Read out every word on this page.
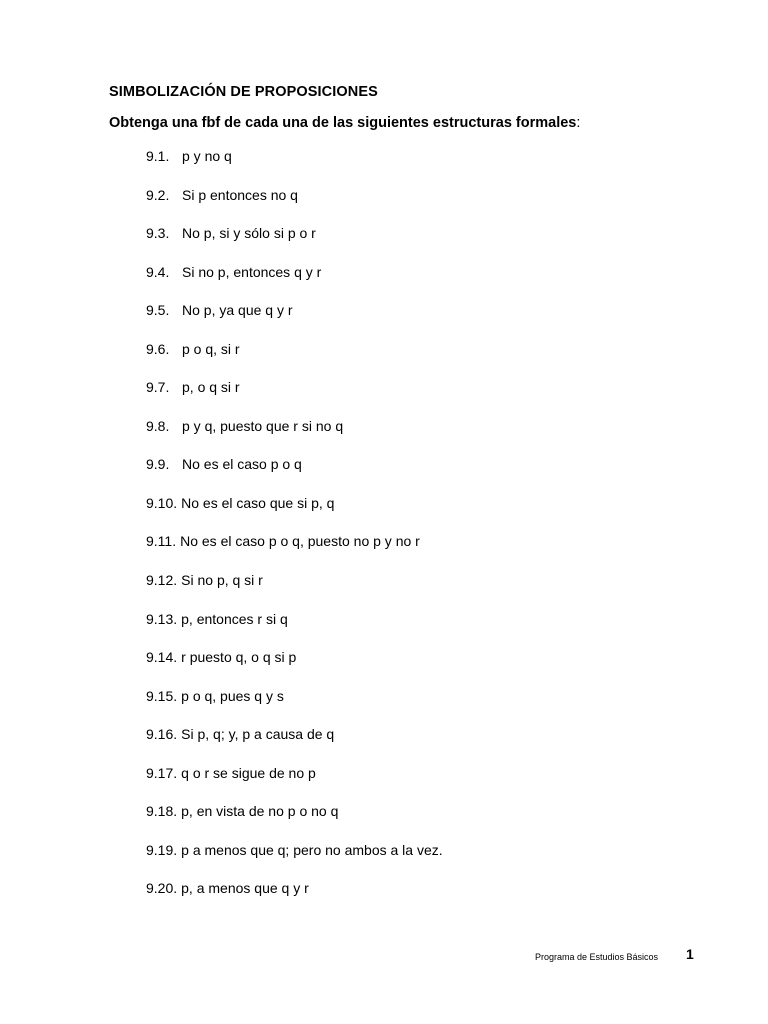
SIMBOLIZACIÓN DE PROPOSICIONES
Obtenga una fbf de cada una de las siguientes estructuras formales:
9.1. p y no q
9.2. Si p entonces no q
9.3. No p, si y sólo si p o r
9.4. Si no p, entonces q y r
9.5. No p, ya que q y r
9.6. p o q, si r
9.7. p, o q si r
9.8. p y q, puesto que r si no q
9.9. No es el caso p o q
9.10. No es el caso que si p, q
9.11. No es el caso p o q, puesto no p y no r
9.12. Si no p, q si r
9.13. p, entonces r si q
9.14. r puesto q, o q si p
9.15. p o q, pues q y s
9.16. Si p, q; y, p a causa de q
9.17. q o r se sigue de no p
9.18. p, en vista de no p o no q
9.19. p a menos que q; pero no ambos a la vez.
9.20. p, a menos que q y r
Programa de Estudios Básicos 1
